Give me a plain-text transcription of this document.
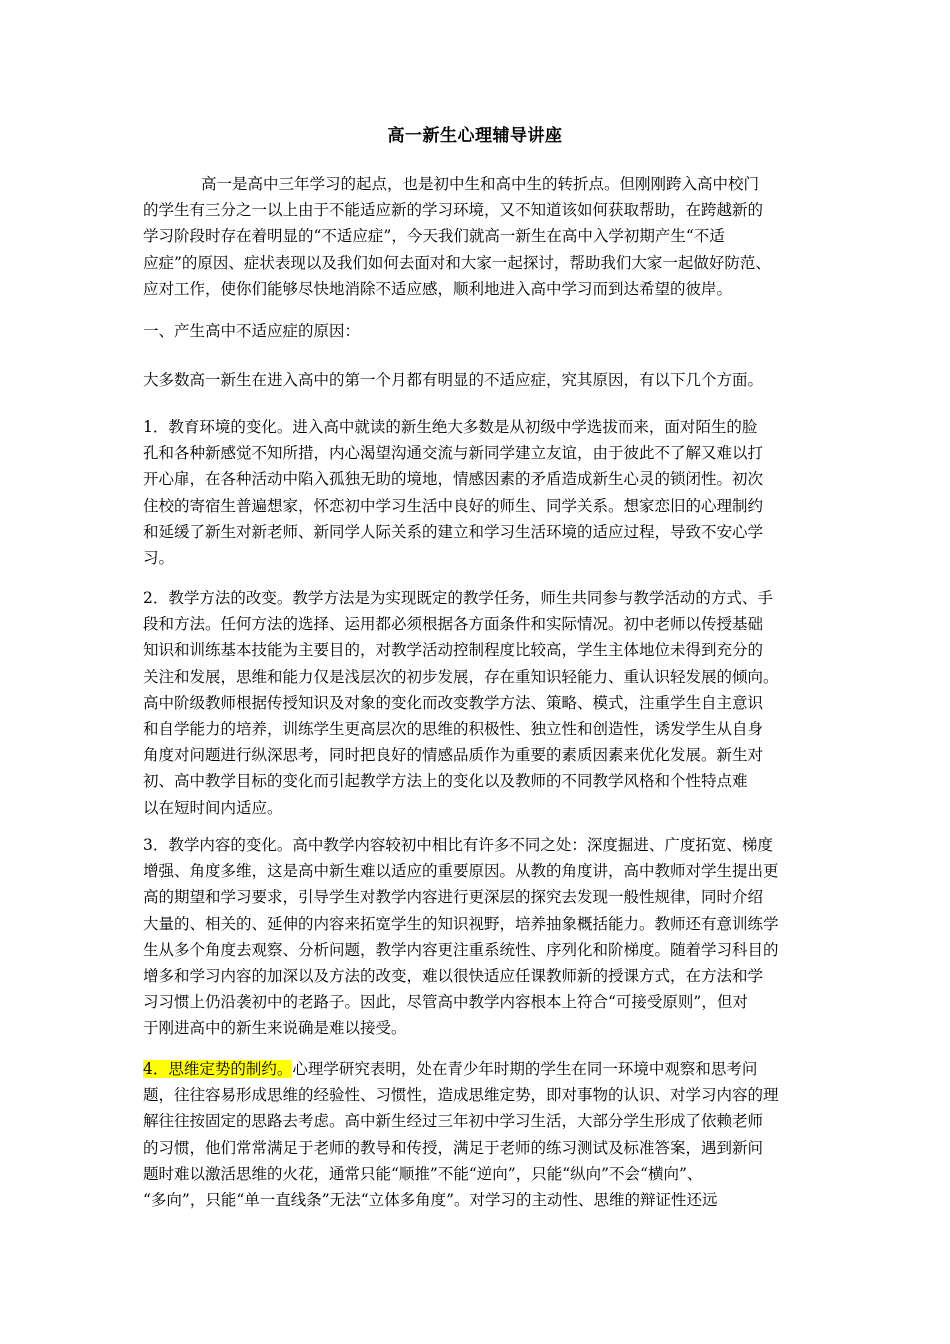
高一新生心理辅导讲座
高一是高中三年学习的起点，也是初中生和高中生的转折点。但刚刚跨入高中校门
的学生有三分之一以上由于不能适应新的学习环境，又不知道该如何获取帮助，在跨越新的
学习阶段时存在着明显的“不适应症”，今天我们就高一新生在高中入学初期产生“不适
应症”的原因、症状表现以及我们如何去面对和大家一起探讨，帮助我们大家一起做好防范、
应对工作，使你们能够尽快地消除不适应感，顺利地进入高中学习而到达希望的彼岸。
一、产生高中不适应症的原因：
大多数高一新生在进入高中的第一个月都有明显的不适应症，究其原因，有以下几个方面。
1．教育环境的变化。进入高中就读的新生绝大多数是从初级中学选拔而来，面对陌生的脸
孔和各种新感觉不知所措，内心渴望沟通交流与新同学建立友谊，由于彼此不了解又难以打
开心扉，在各种活动中陷入孤独无助的境地，情感因素的矛盾造成新生心灵的锁闭性。初次
住校的寄宿生普遍想家，怀恋初中学习生活中良好的师生、同学关系。想家恋旧的心理制约
和延缓了新生对新老师、新同学人际关系的建立和学习生活环境的适应过程，导致不安心学
习。
2．教学方法的改变。教学方法是为实现既定的教学任务，师生共同参与教学活动的方式、手
段和方法。任何方法的选择、运用都必须根据各方面条件和实际情况。初中老师以传授基础
知识和训练基本技能为主要目的，对教学活动控制程度比较高，学生主体地位未得到充分的
关注和发展，思维和能力仅是浅层次的初步发展，存在重知识轻能力、重认识轻发展的倾向。
高中阶级教师根据传授知识及对象的变化而改变教学方法、策略、模式，注重学生自主意识
和自学能力的培养，训练学生更高层次的思维的积极性、独立性和创造性，诱发学生从自身
角度对问题进行纵深思考，同时把良好的情感品质作为重要的素质因素来优化发展。新生对
初、高中教学目标的变化而引起教学方法上的变化以及教师的不同教学风格和个性特点难
以在短时间内适应。
3．教学内容的变化。高中教学内容较初中相比有许多不同之处：深度掘进、广度拓宽、梯度
增强、角度多维，这是高中新生难以适应的重要原因。从教的角度讲，高中教师对学生提出更
高的期望和学习要求，引导学生对教学内容进行更深层的探究去发现一般性规律，同时介绍
大量的、相关的、延伸的内容来拓宽学生的知识视野，培养抽象概括能力。教师还有意训练学
生从多个角度去观察、分析问题，教学内容更注重系统性、序列化和阶梯度。随着学习科目的
增多和学习内容的加深以及方法的改变，难以很快适应任课教师新的授课方式，在方法和学
习习惯上仍沿袭初中的老路子。因此，尽管高中教学内容根本上符合“可接受原则”，但对
于刚进高中的新生来说确是难以接受。
4．思维定势的制约。心理学研究表明，处在青少年时期的学生在同一环境中观察和思考问
题，往往容易形成思维的经验性、习惯性，造成思维定势，即对事物的认识、对学习内容的理
解往往按固定的思路去考虑。高中新生经过三年初中学习生活，大部分学生形成了依赖老师
的习惯，他们常常满足于老师的教导和传授，满足于老师的练习测试及标准答案，遇到新问
题时难以激活思维的火花，通常只能“顺推”不能“逆向”，只能“纵向”不会“横向”、
“多向”，只能“单一直线条”无法“立体多角度”。对学习的主动性、思维的辩证性还远
